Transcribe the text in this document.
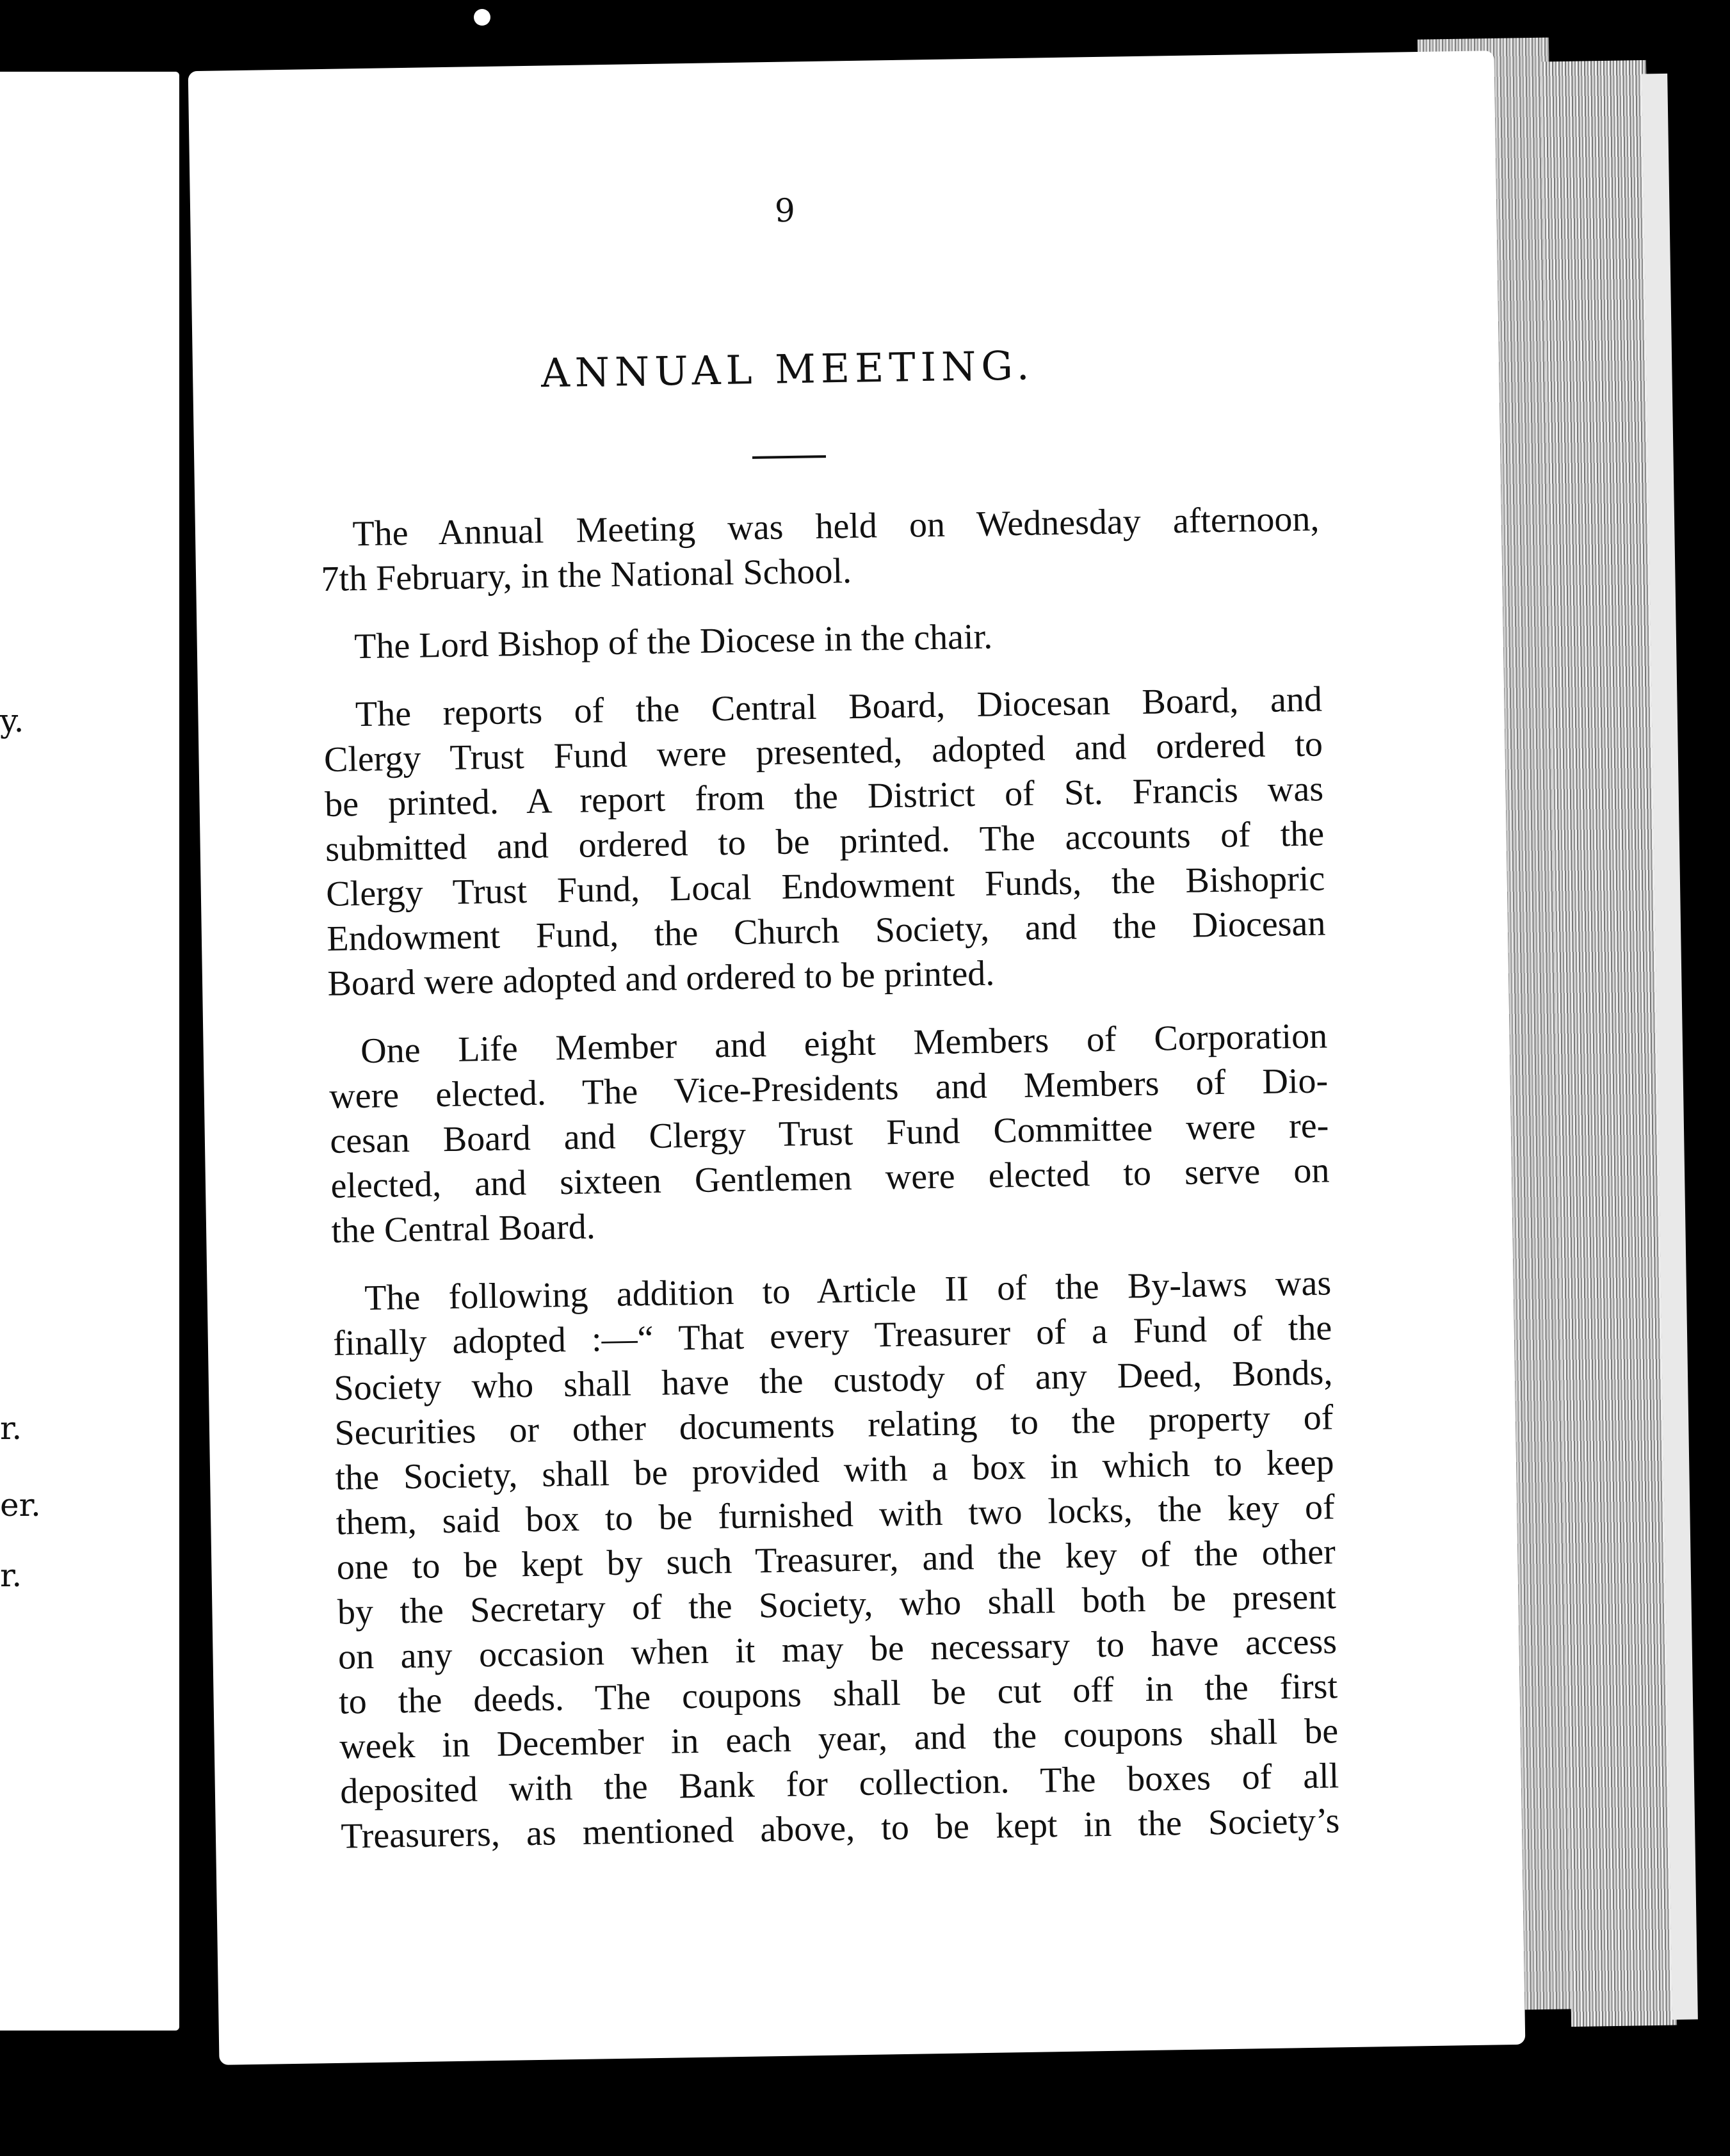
y.
r.
er.
r.
9
ANNUAL MEETING.

The Annual Meeting was held on Wednesday afternoon,
7th February, in the National School.

The Lord Bishop of the Diocese in the chair.

The reports of the Central Board, Diocesan Board, and
Clergy Trust Fund were presented, adopted and ordered to
be printed. A report from the District of St. Francis was
submitted and ordered to be printed. The accounts of the
Clergy Trust Fund, Local Endowment Funds, the Bishopric
Endowment Fund, the Church Society, and the Diocesan
Board were adopted and ordered to be printed.

One Life Member and eight Members of Corporation
were elected. The Vice-Presidents and Members of Dio-
cesan Board and Clergy Trust Fund Committee were re-
elected, and sixteen Gentlemen were elected to serve on
the Central Board.

The following addition to Article II of the By-laws was
finally adopted :—“ That every Treasurer of a Fund of the
Society who shall have the custody of any Deed, Bonds,
Securities or other documents relating to the property of
the Society, shall be provided with a box in which to keep
them, said box to be furnished with two locks, the key of
one to be kept by such Treasurer, and the key of the other
by the Secretary of the Society, who shall both be present
on any occasion when it may be necessary to have access
to the deeds. The coupons shall be cut off in the first
week in December in each year, and the coupons shall be
deposited with the Bank for collection. The boxes of all
Treasurers, as mentioned above, to be kept in the Society’s
